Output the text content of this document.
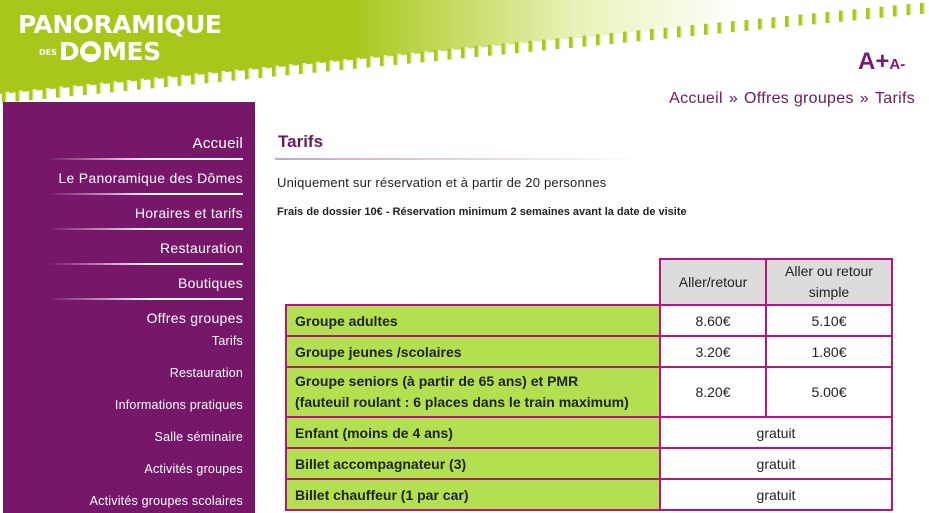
PANORAMIQUE
DESD MES	A+A-
Accueil » Offres groupes » Tarifs
Accueil
Le Panoramique des Dômes
Horaires et tarifs
Restauration
Boutiques
Offres groupes
Tarifs
Restauration
Informations pratiques
Salle séminaire
Activités groupes
Activités groupes scolaires
Tarifs

Uniquement sur réservation et à partir de 20 personnes

Frais de dossier 10€ - Réservation minimum 2 semaines avant la date de visite

	Aller/retour	Aller ou retour simple
Groupe adultes	8.60€	5.10€
Groupe jeunes /scolaires	3.20€	1.80€
Groupe seniors (à partir de 65 ans) et PMR
(fauteuil roulant : 6 places dans le train maximum)	8.20€	5.00€
Enfant (moins de 4 ans)	gratuit	
Billet accompagnateur (3)	gratuit	
Billet chauffeur (1 par car)	gratuit	
